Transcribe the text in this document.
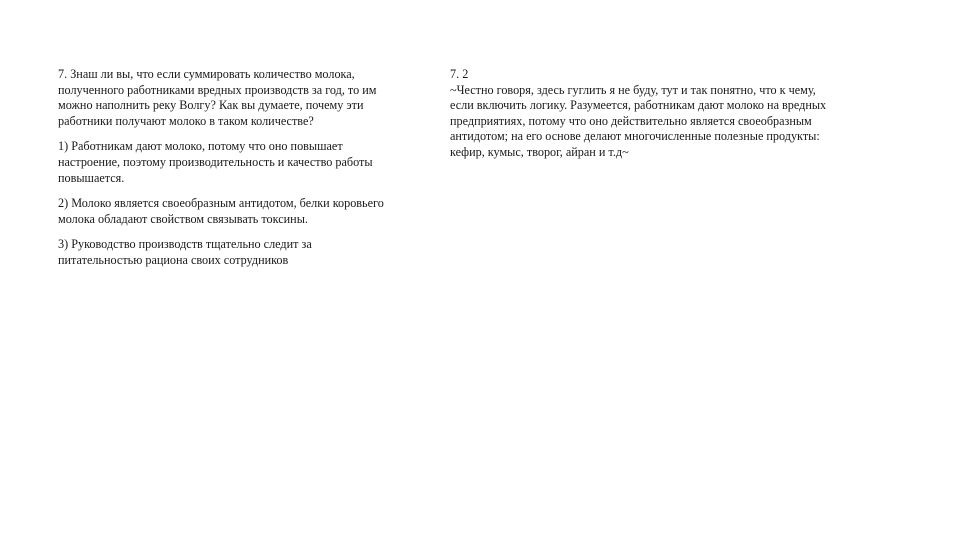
7. Знаш ли вы, что если суммировать количество молока,
полученного работниками вредных производств за год, то им
можно наполнить реку Волгу? Как вы думаете, почему эти
работники получают молоко в таком количестве?

1) Работникам дают молоко, потому что оно повышает
настроение, поэтому производительность и качество работы
повышается.

2) Молоко является своеобразным антидотом, белки коровьего
молока обладают свойством связывать токсины.

3) Руководство производств тщательно следит за
питательностью рациона своих сотрудников

7. 2

~Честно говоря, здесь гуглить я не буду, тут и так понятно, что к чему,
если включить логику. Разумеется, работникам дают молоко на вредных
предприятиях, потому что оно действительно является своеобразным
антидотом; на его основе делают многочисленные полезные продукты:
кефир, кумыс, творог, айран и т.д~
